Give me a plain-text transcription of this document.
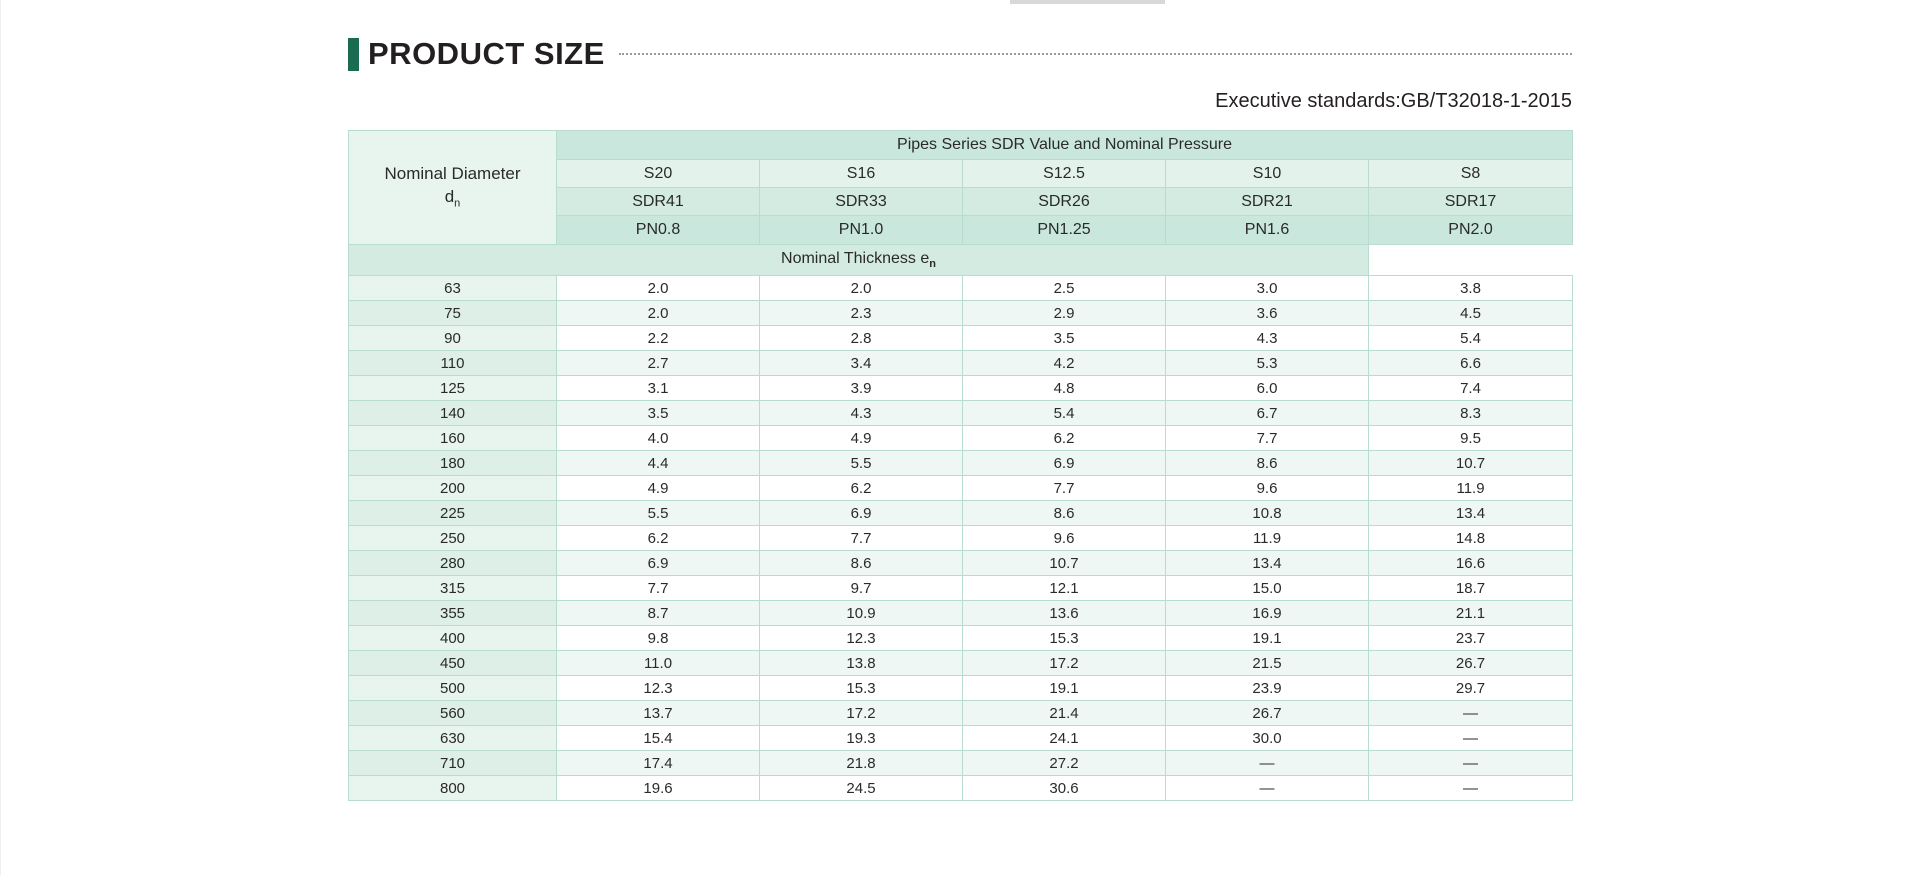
PRODUCT SIZE
Executive standards:GB/T32018-1-2015
Nominal Diameter
$d_n$	Pipes Series SDR Value and Nominal Pressure				
	S20	S16	S12.5	S10	S8
	SDR41	SDR33	SDR26	SDR21	SDR17
	PN0.8	PN1.0	PN1.25	PN1.6	PN2.0
Nominal Thickness $e_n$
63	2.0	2.0	2.5	3.0	3.8
75	2.0	2.3	2.9	3.6	4.5
90	2.2	2.8	3.5	4.3	5.4
110	2.7	3.4	4.2	5.3	6.6
125	3.1	3.9	4.8	6.0	7.4
140	3.5	4.3	5.4	6.7	8.3
160	4.0	4.9	6.2	7.7	9.5
180	4.4	5.5	6.9	8.6	10.7
200	4.9	6.2	7.7	9.6	11.9
225	5.5	6.9	8.6	10.8	13.4
250	6.2	7.7	9.6	11.9	14.8
280	6.9	8.6	10.7	13.4	16.6
315	7.7	9.7	12.1	15.0	18.7
355	8.7	10.9	13.6	16.9	21.1
400	9.8	12.3	15.3	19.1	23.7
450	11.0	13.8	17.2	21.5	26.7
500	12.3	15.3	19.1	23.9	29.7
560	13.7	17.2	21.4	26.7	—
630	15.4	19.3	24.1	30.0	—
710	17.4	21.8	27.2	—	—
800	19.6	24.5	30.6	—	—
